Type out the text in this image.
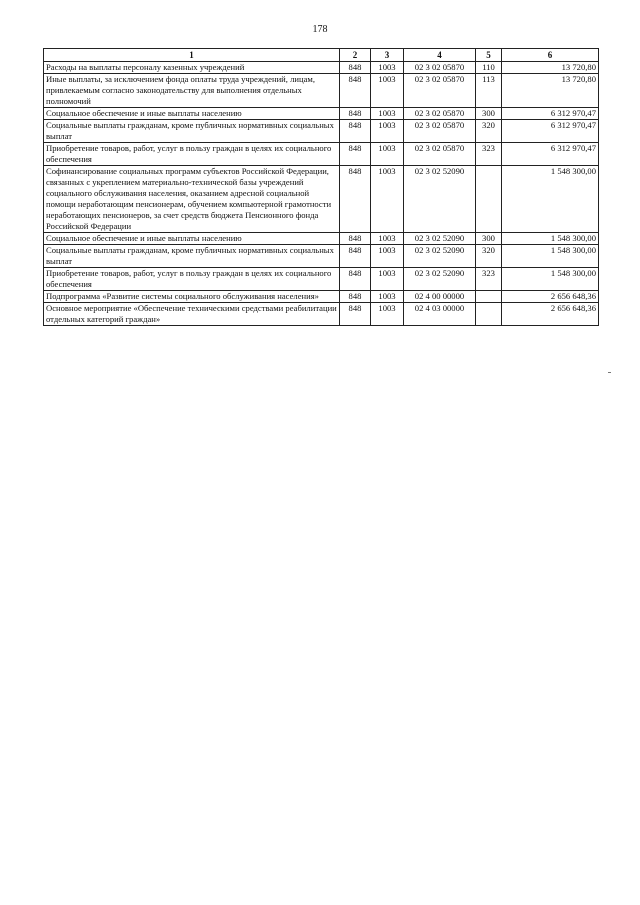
178
1	2	3	4	5	6
Расходы на выплаты персоналу казенных учреждений	848	1003	02 3 02 05870	110	13 720,80
Иные выплаты, за исключением фонда оплаты труда учреждений, лицам, привлекаемым согласно законодательству для выполнения отдельных полномочий	848	1003	02 3 02 05870	113	13 720,80
Социальное обеспечение и иные выплаты населению	848	1003	02 3 02 05870	300	6 312 970,47
Социальные выплаты гражданам, кроме публичных нормативных социальных выплат	848	1003	02 3 02 05870	320	6 312 970,47
Приобретение товаров, работ, услуг в пользу граждан в целях их социального обеспечения	848	1003	02 3 02 05870	323	6 312 970,47
Софинансирование социальных программ субъектов Российской Федерации, связанных с укреплением материально-технической базы учреждений социального обслуживания населения, оказанием адресной социальной помощи неработающим пенсионерам, обучением компьютерной грамотности неработающих пенсионеров, за счет средств бюджета Пенсионного фонда Российской Федерации	848	1003	02 3 02 52090		1 548 300,00
Социальное обеспечение и иные выплаты населению	848	1003	02 3 02 52090	300	1 548 300,00
Социальные выплаты гражданам, кроме публичных нормативных социальных выплат	848	1003	02 3 02 52090	320	1 548 300,00
Приобретение товаров, работ, услуг в пользу граждан в целях их социального обеспечения	848	1003	02 3 02 52090	323	1 548 300,00
Подпрограмма «Развитие системы социального обслуживания населения»	848	1003	02 4 00 00000		2 656 648,36
Основное мероприятие «Обеспечение техническими средствами реабилитации отдельных категорий граждан»	848	1003	02 4 03 00000		2 656 648,36
